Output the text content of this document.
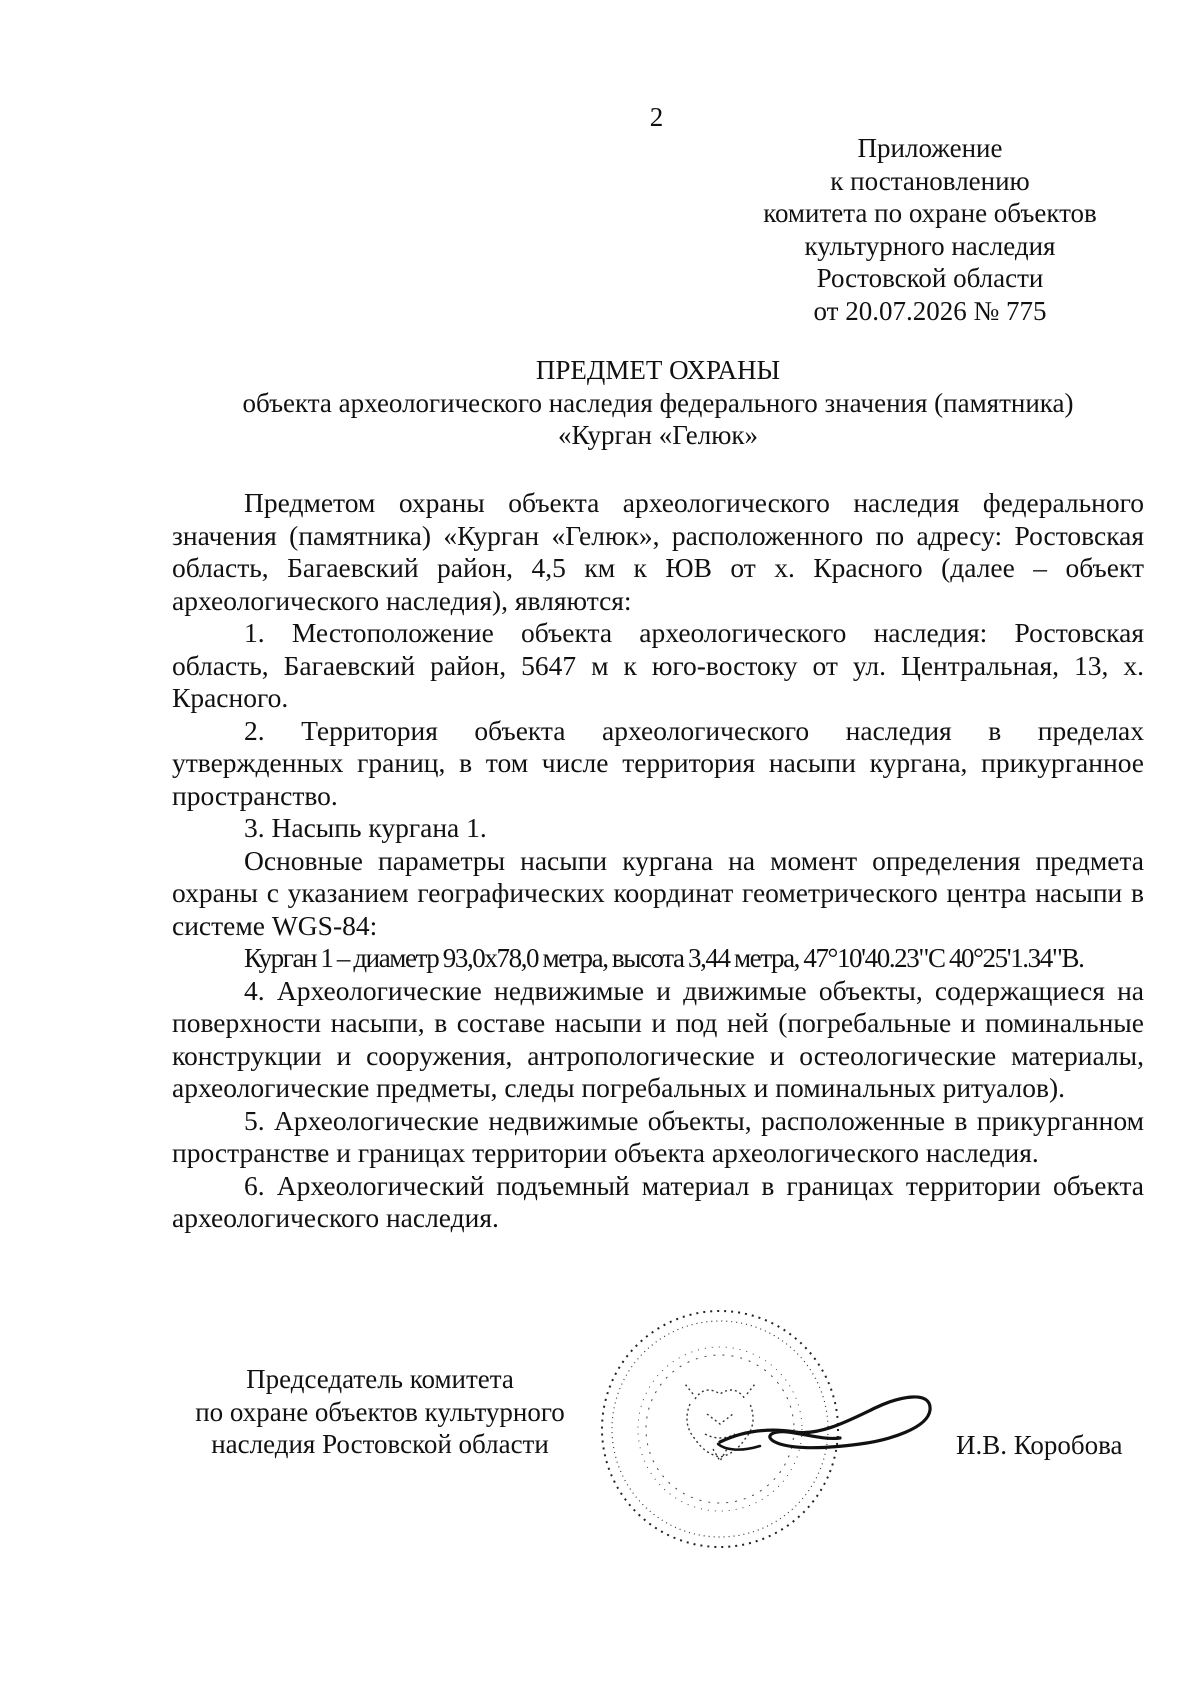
2
Приложение
к постановлению
комитета по охране объектов
культурного наследия
Ростовской области
от 20.07.2026 № 775
ПРЕДМЕТ ОХРАНЫ
объекта археологического наследия федерального значения (памятника)
«Курган «Гелюк»

Предметом охраны объекта археологического наследия федерального значения (памятника) «Курган «Гелюк», расположенного по адресу: Ростовская область, Багаевский район, 4,5 км к ЮВ от х. Красного (далее – объект археологического наследия), являются:

1. Местоположение объекта археологического наследия: Ростовская область, Багаевский район, 5647 м к юго-востоку от ул. Центральная, 13, х. Красного.

2. Территория объекта археологического наследия в пределах утвержденных границ, в том числе территория насыпи кургана, прикурганное пространство.

3. Насыпь кургана 1.

Основные параметры насыпи кургана на момент определения предмета охраны с указанием географических координат геометрического центра насыпи в системе WGS-84:

Курган 1 – диаметр 93,0x78,0 метра, высота 3,44 метра, 47°10'40.23"С 40°25'1.34"В.

4. Археологические недвижимые и движимые объекты, содержащиеся на поверхности насыпи, в составе насыпи и под ней (погребальные и поминальные конструкции и сооружения, антропологические и остеологические материалы, археологические предметы, следы погребальных и поминальных ритуалов).

5. Археологические недвижимые объекты, расположенные в прикурганном пространстве и границах территории объекта археологического наследия.

6. Археологический подъемный материал в границах территории объекта археологического наследия.

Председатель комитета
по охране объектов культурного
наследия Ростовской области	И.В. Коробова
